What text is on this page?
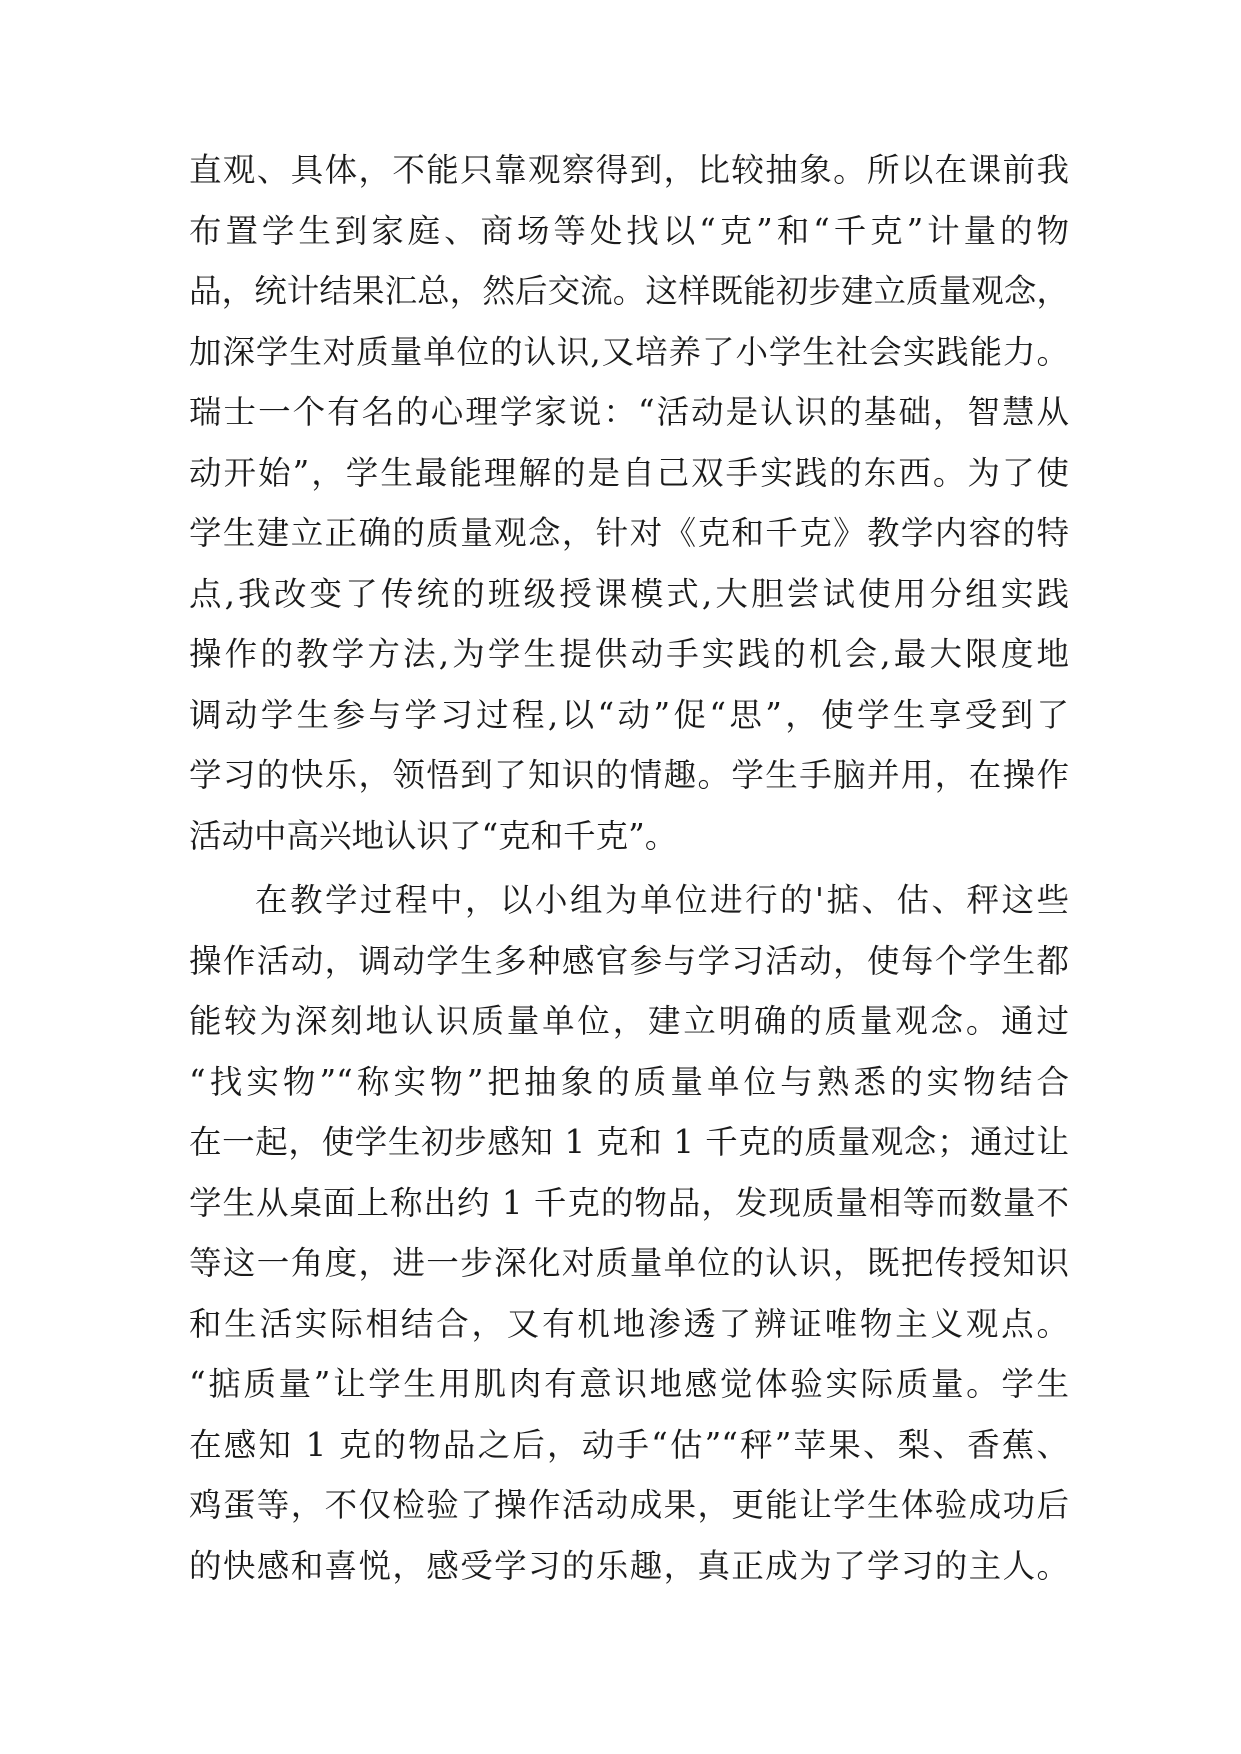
直观、具体，不能只靠观察得到，比较抽象。所以在课前我
布置学生到家庭、商场等处找以“克”和“千克”计量的物
品，统计结果汇总，然后交流。这样既能初步建立质量观念，
加深学生对质量单位的认识,又培养了小学生社会实践能力。
瑞士一个有名的心理学家说：“活动是认识的基础，智慧从
动开始”，学生最能理解的是自己双手实践的东西。为了使
学生建立正确的质量观念，针对《克和千克》教学内容的特
点,我改变了传统的班级授课模式,大胆尝试使用分组实践
操作的教学方法,为学生提供动手实践的机会,最大限度地
调动学生参与学习过程,以“动”促“思”，使学生享受到了
学习的快乐，领悟到了知识的情趣。学生手脑并用，在操作
活动中高兴地认识了“克和千克”。
在教学过程中，以小组为单位进行的'掂、估、秤这些
操作活动，调动学生多种感官参与学习活动，使每个学生都
能较为深刻地认识质量单位，建立明确的质量观念。通过
“找实物”“称实物”把抽象的质量单位与熟悉的实物结合
在一起，使学生初步感知 1 克和 1 千克的质量观念；通过让
学生从桌面上称出约 1 千克的物品，发现质量相等而数量不
等这一角度，进一步深化对质量单位的认识，既把传授知识
和生活实际相结合，又有机地渗透了辨证唯物主义观点。
“掂质量”让学生用肌肉有意识地感觉体验实际质量。学生
在感知 1 克的物品之后，动手“估”“秤”苹果、梨、香蕉、
鸡蛋等，不仅检验了操作活动成果，更能让学生体验成功后
的快感和喜悦，感受学习的乐趣，真正成为了学习的主人。
